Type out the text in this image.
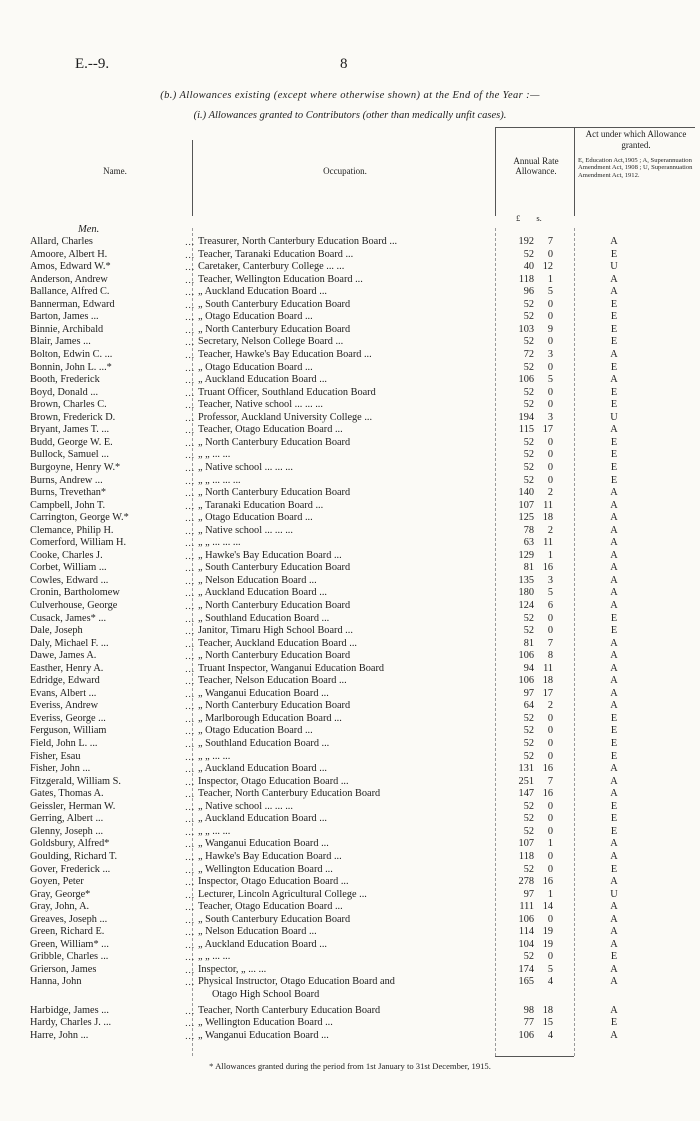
E.--9.	8
(b.) Allowances existing (except where otherwise shown) at the End of the Year :—
(i.) Allowances granted to Contributors (other than medically unfit cases).
Name.	Occupation.
Annual Rate Allowance.
Act under which Allowance granted.
E, Education Act,1905 ; A, Superannuation Amendment Act, 1908 ; U, Superannuation Amendment Act, 1912.
£ s.
Men.
Allard, Charles	... Treasurer, North Canterbury Education Board ...	192	7	A
Amoore, Albert H.	... Teacher, Taranaki Education Board ...	52	0	E
Amos, Edward W.*	... Caretaker, Canterbury College ... ...	40 12	U
Anderson, Andrew	... Teacher, Wellington Education Board ...	118	1	A
Ballance, Alfred C.	... „ Auckland Education Board ...	96	5	A
Bannerman, Edward	... „ South Canterbury Education Board	52	0	E
Barton, James ...	... „ Otago Education Board ...	52	0	E
Binnie, Archibald	... „ North Canterbury Education Board	103	9	E
Blair, James ...	... Secretary, Nelson College Board ...	52	0	E
Bolton, Edwin C. ...	... Teacher, Hawke's Bay Education Board ...	72	3	A
Bonnin, John L. ...*	... „ Otago Education Board ...	52	0	E
Booth, Frederick	... „ Auckland Education Board ...	106	5	A
Boyd, Donald ...	... Truant Officer, Southland Education Board	52	0	E
Brown, Charles C.	... Teacher, Native school ... ... ...	52	0	E
Brown, Frederick D.	... Professor, Auckland University College ...	194	3	U
Bryant, James T. ...	... Teacher, Otago Education Board ...	115 17	A
Budd, George W. E.	... „ North Canterbury Education Board	52	0	E
Bullock, Samuel ...	... „ „ ... ...	52	0	E
Burgoyne, Henry W.*	... „ Native school ... ... ...	52	0	E
Burns, Andrew ...	... „ „ ... ... ...	52	0	E
Burns, Trevethan*	... „ North Canterbury Education Board	140	2	A
Campbell, John T.	... „ Taranaki Education Board ...	107 11	A
Carrington, George W.*	... „ Otago Education Board ...	125 18	A
Clemance, Philip H.	... „ Native school ... ... ...	78	2	A
Comerford, William H.	... „ „ ... ... ...	63 11	A
Cooke, Charles J.	... „ Hawke's Bay Education Board ...	129	1	A
Corbet, William ...	... „ South Canterbury Education Board	81 16	A
Cowles, Edward ...	... „ Nelson Education Board ...	135	3	A
Cronin, Bartholomew	... „ Auckland Education Board ...	180	5	A
Culverhouse, George	... „ North Canterbury Education Board	124	6	A
Cusack, James* ...	... „ Southland Education Board ...	52	0	E
Dale, Joseph	... Janitor, Timaru High School Board ...	52	0	E
Daly, Michael F. ...	... Teacher, Auckland Education Board ...	81	7	A
Dawe, James A.	... „ North Canterbury Education Board	106	8	A
Easther, Henry A.	... Truant Inspector, Wanganui Education Board	94 11	A
Edridge, Edward	... Teacher, Nelson Education Board ...	106 18	A
Evans, Albert ...	... „ Wanganui Education Board ...	97 17	A
Everiss, Andrew	... „ North Canterbury Education Board	64	2	A
Everiss, George ...	... „ Marlborough Education Board ...	52	0	E
Ferguson, William	... „ Otago Education Board ...	52	0	E
Field, John L. ...	... „ Southland Education Board ...	52	0	E
Fisher, Esau	... „ „ ... ...	52	0	E
Fisher, John ...	... „ Auckland Education Board ...	131 16	A
Fitzgerald, William S.	... Inspector, Otago Education Board ...	251	7	A
Gates, Thomas A.	... Teacher, North Canterbury Education Board	147 16	A
Geissler, Herman W.	... „ Native school ... ... ...	52	0	E
Gerring, Albert ...	... „ Auckland Education Board ...	52	0	E
Glenny, Joseph ...	... „ „ ... ...	52	0	E
Goldsbury, Alfred*	... „ Wanganui Education Board ...	107	1	A
Goulding, Richard T.	... „ Hawke's Bay Education Board ...	118	0	A
Gover, Frederick ...	... „ Wellington Education Board ...	52	0	E
Goyen, Peter	... Inspector, Otago Education Board ...	278 16	A
Gray, George*	... Lecturer, Lincoln Agricultural College ...	97	1	U
Gray, John, A.	... Teacher, Otago Education Board ...	111 14	A
Greaves, Joseph ...	... „ South Canterbury Education Board	106	0	A
Green, Richard E.	... „ Nelson Education Board ...	114 19	A
Green, William* ...	... „ Auckland Education Board ...	104 19	A
Gribble, Charles ...	... „ „ ... ...	52	0	E
Grierson, James	... Inspector, „ ... ...	174	5	A
Hanna, John	... Physical Instructor, Otago Education Board and	165	4	A
Otago High School Board
Harbidge, James ...	... Teacher, North Canterbury Education Board	98 18	A
Hardy, Charles J. ...	... „ Wellington Education Board ...	77 15	E
Harre, John ...	... „ Wanganui Education Board ...	106	4	A
* Allowances granted during the period from 1st January to 31st December, 1915.
